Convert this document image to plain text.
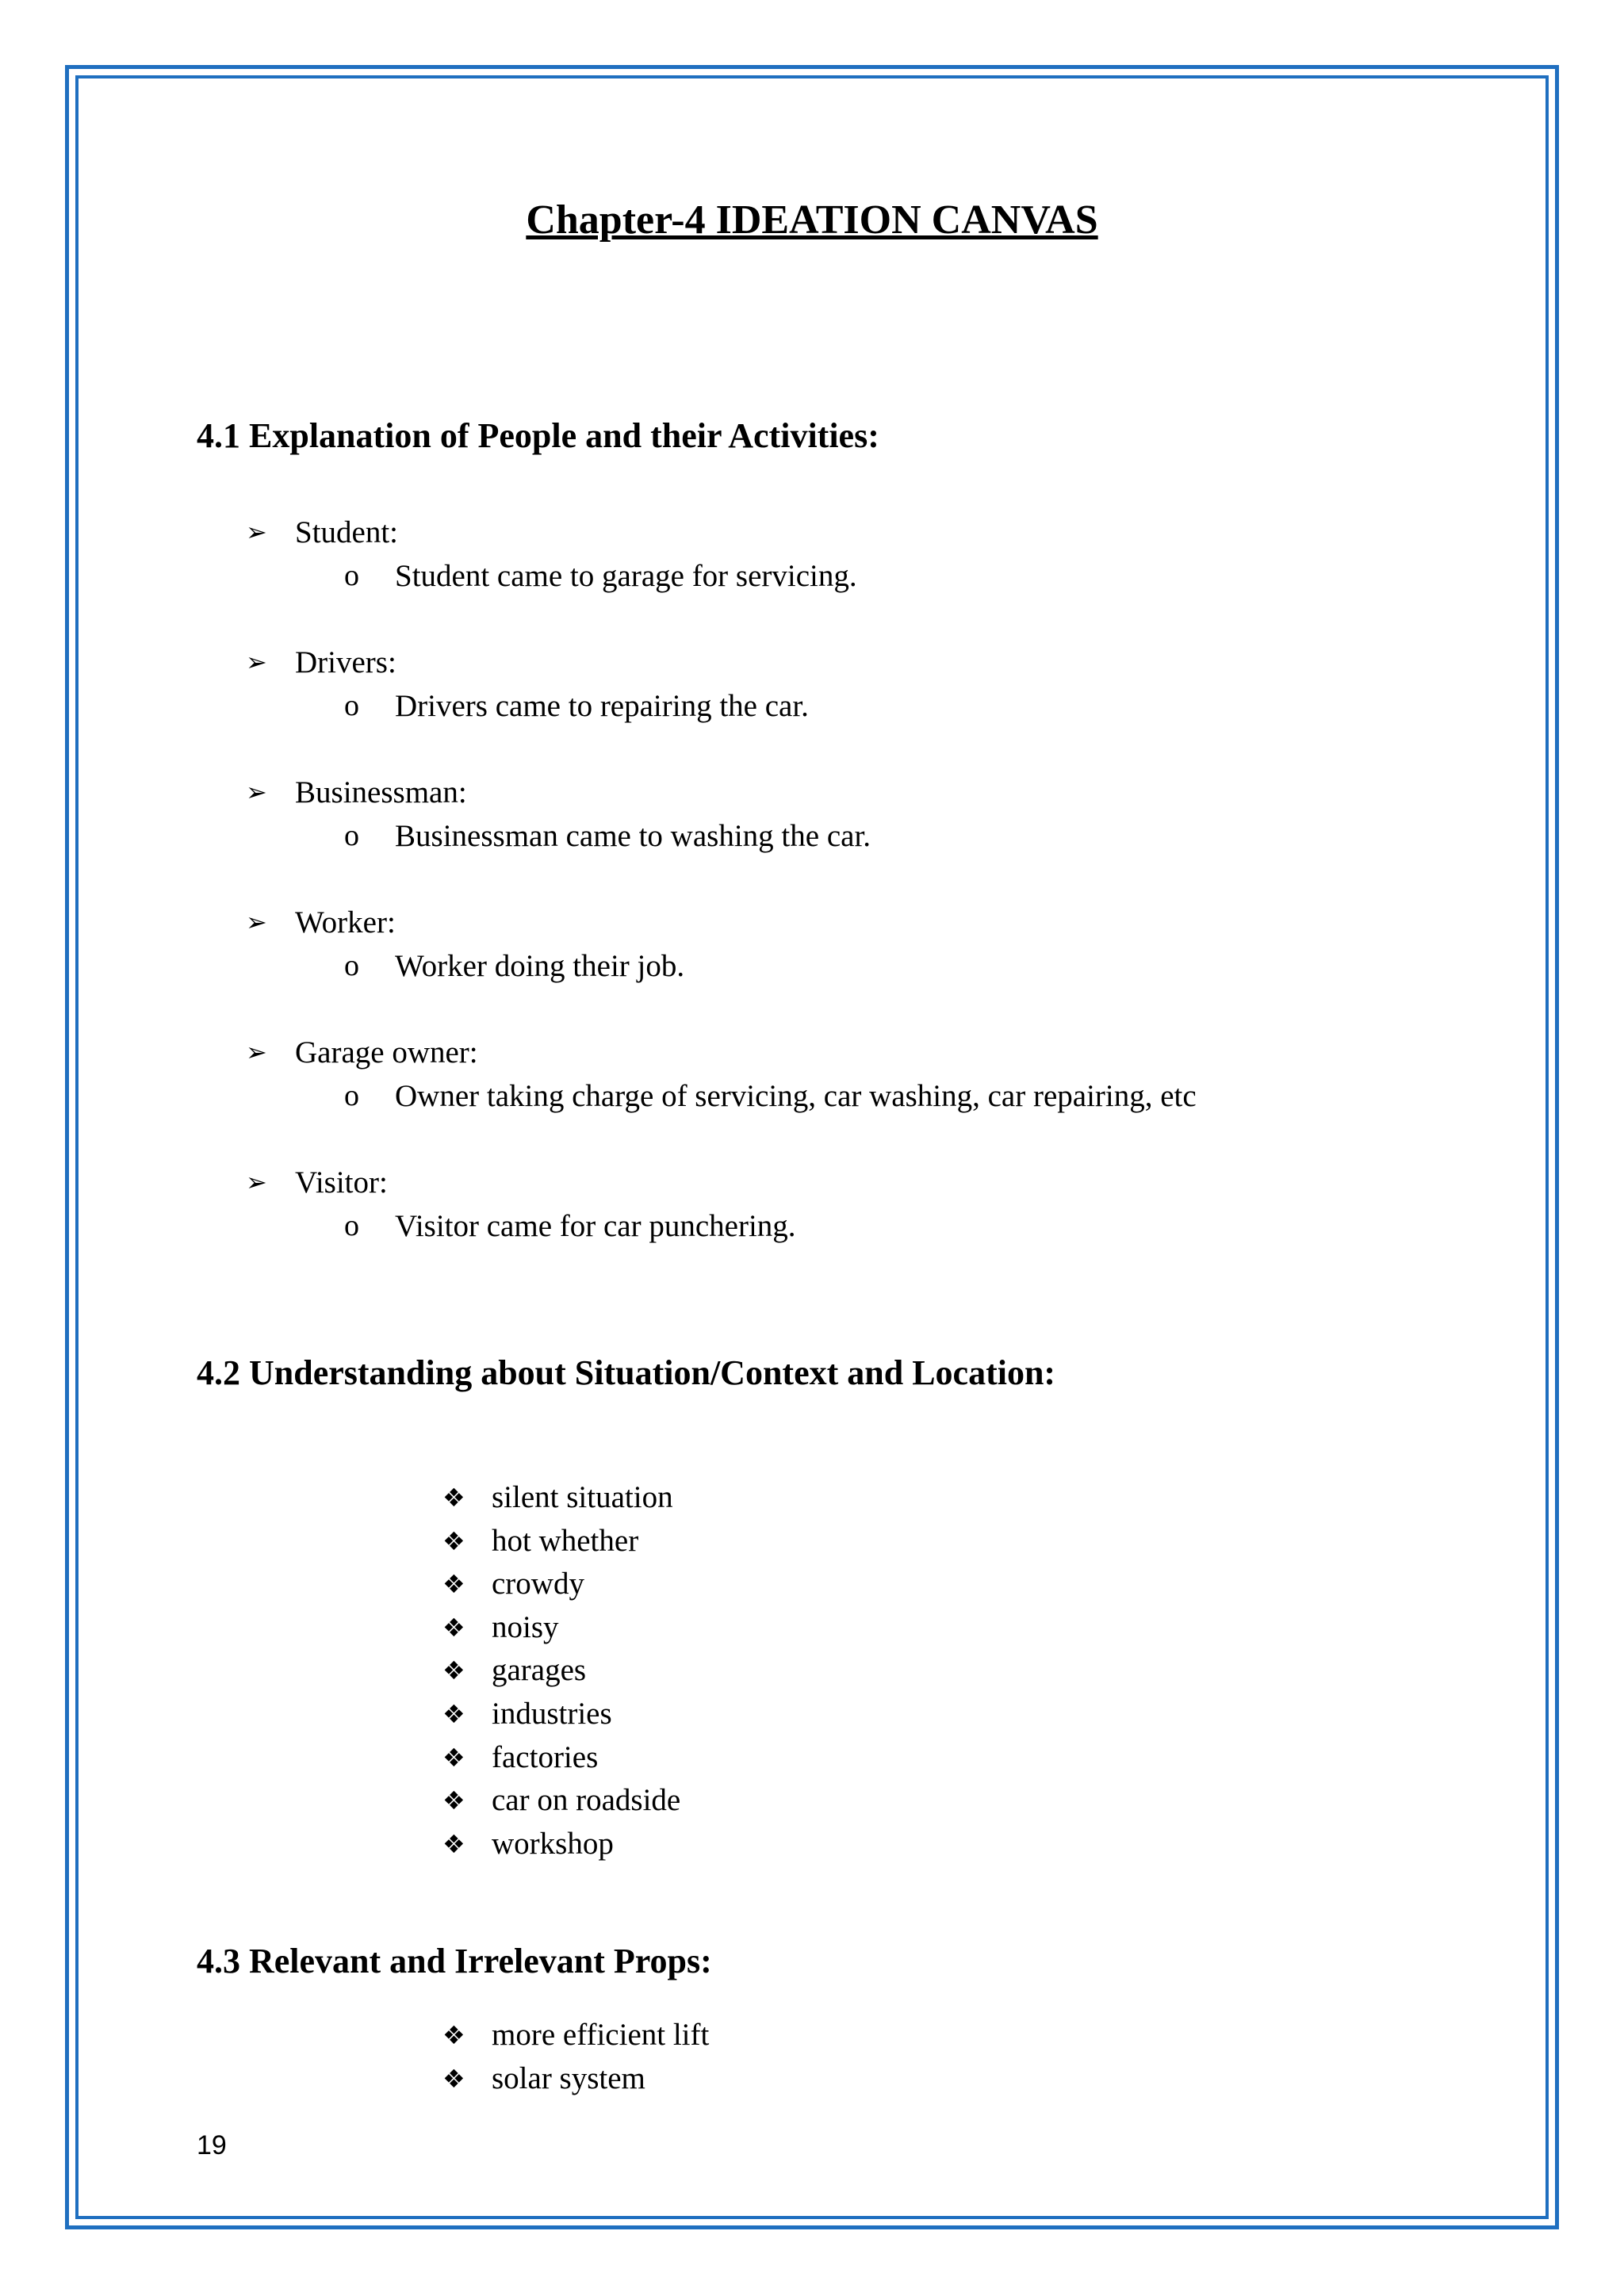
Chapter-4 IDEATION CANVAS
4.1 Explanation of People and their Activities:
➢ Student:
o	Student came to garage for servicing.
➢ Drivers:
o	Drivers came to repairing the car.
➢ Businessman:
o	Businessman came to washing the car.
➢ Worker:
o	Worker doing their job.
➢ Garage owner:
o	Owner taking charge of servicing, car washing, car repairing, etc
➢ Visitor:
o	Visitor came for car punchering.
4.2 Understanding about Situation/Context and Location:
❖ silent situation
❖ hot whether
❖ crowdy
❖ noisy
❖ garages
❖ industries
❖ factories
❖ car on roadside
❖ workshop
4.3 Relevant and Irrelevant Props:
❖ more efficient lift
❖ solar system
19
